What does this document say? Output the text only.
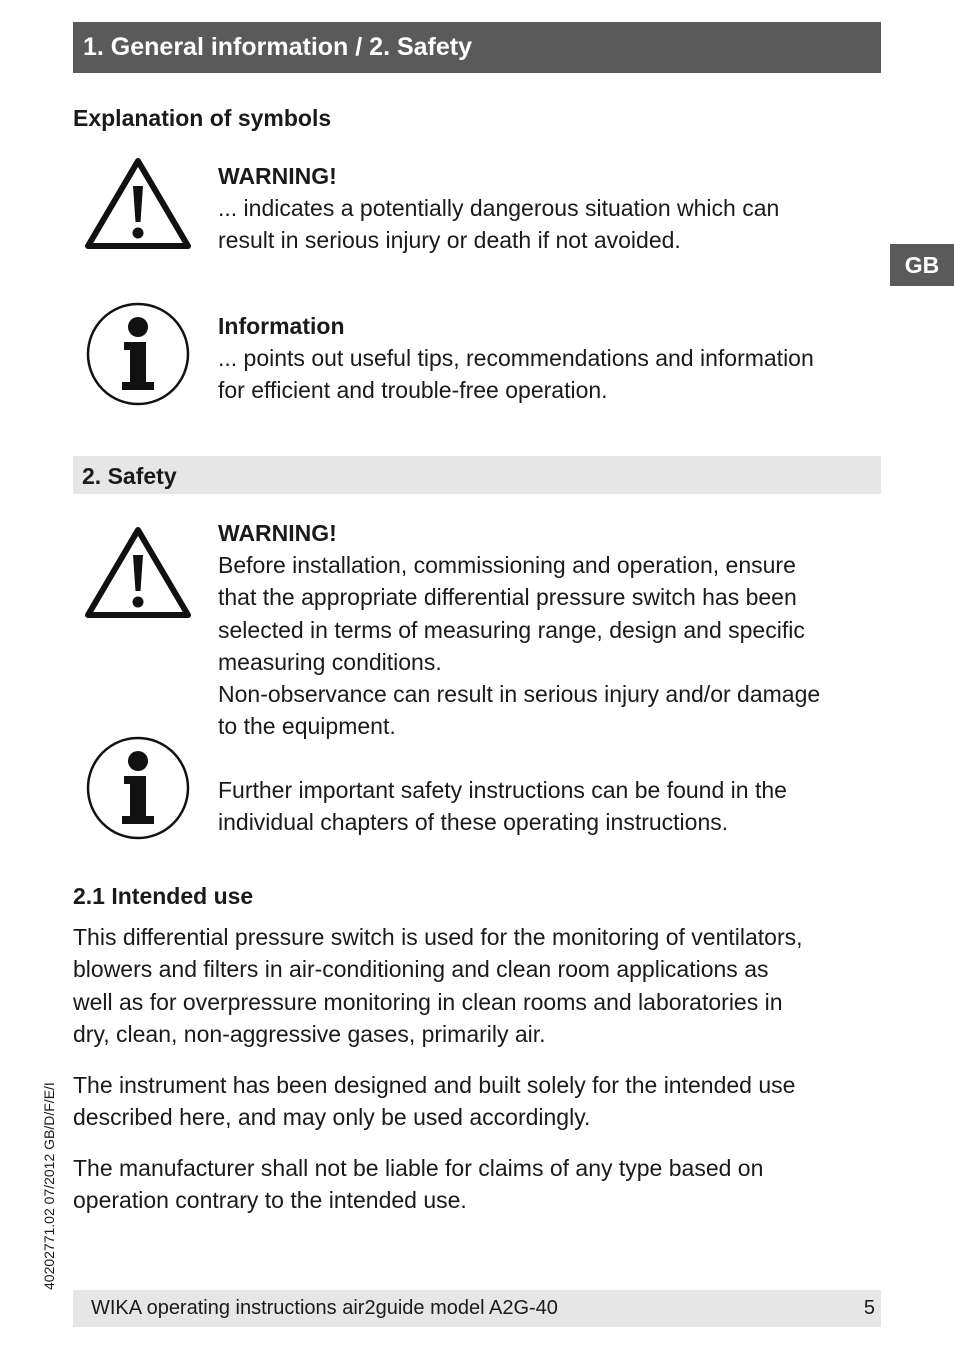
1. General information / 2. Safety
GB
Explanation of symbols
WARNING!

... indicates a potentially dangerous situation which can

result in serious injury or death if not avoided.

Information

... points out useful tips, recommendations and information

for efficient and trouble-free operation.

2. Safety
WARNING!

Before installation, commissioning and operation, ensure

that the appropriate differential pressure switch has been

selected in terms of measuring range, design and specific

measuring conditions.

Non-observance can result in serious injury and/or damage

to the equipment.

Further important safety instructions can be found in the

individual chapters of these operating instructions.

2.1 Intended use

This differential pressure switch is used for the monitoring of ventilators,

blowers and filters in air-conditioning and clean room applications as

well as for overpressure monitoring in clean rooms and laboratories in

dry, clean, non-aggressive gases, primarily air.

The instrument has been designed and built solely for the intended use

described here, and may only be used accordingly.

The manufacturer shall not be liable for claims of any type based on

operation contrary to the intended use.

40202771.02 07/2012 GB/D/F/E/I
WIKA operating instructions air2guide model A2G-40	5
